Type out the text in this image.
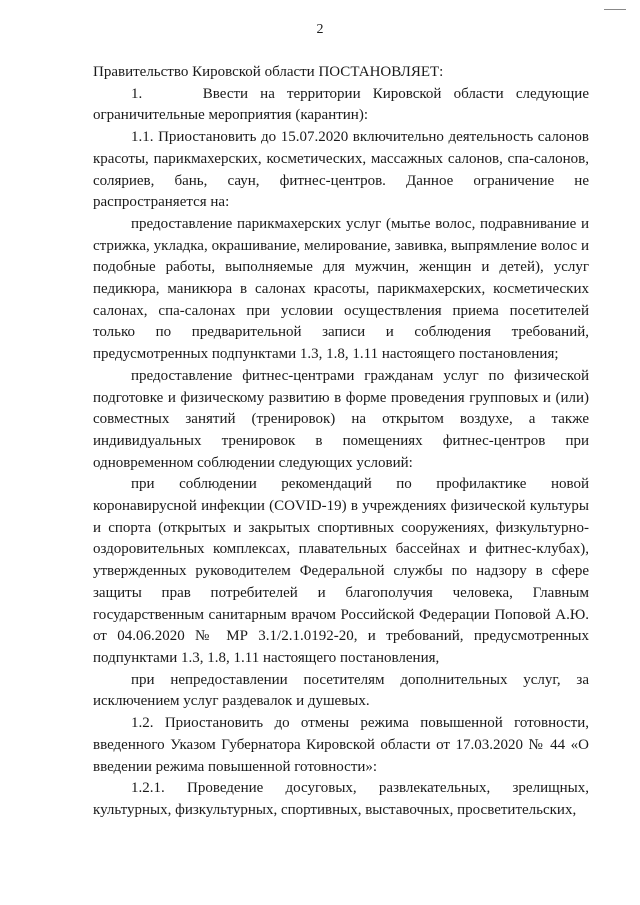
2

Правительство Кировской области ПОСТАНОВЛЯЕТ:

1.     Ввести на территории Кировской области следующие ограничительные мероприятия (карантин):

1.1. Приостановить до 15.07.2020 включительно деятельность салонов красоты, парикмахерских, косметических, массажных салонов, спа-салонов, соляриев, бань, саун, фитнес-центров. Данное ограничение не распространяется на:

предоставление парикмахерских услуг (мытье волос, подравнивание и стрижка, укладка, окрашивание, мелирование, завивка, выпрямление волос и подобные работы, выполняемые для мужчин, женщин и детей), услуг педикюра, маникюра в салонах красоты, парикмахерских, косметических салонах, спа-салонах при условии осуществления приема посетителей только по предварительной записи и соблюдения требований, предусмотренных подпунктами 1.3, 1.8, 1.11 настоящего постановления;

предоставление фитнес-центрами гражданам услуг по физической подготовке и физическому развитию в форме проведения групповых и (или) совместных занятий (тренировок) на открытом воздухе, а также индивидуальных тренировок в помещениях фитнес-центров при одновременном соблюдении следующих условий:

при соблюдении рекомендаций по профилактике новой коронавирусной инфекции (COVID-19) в учреждениях физической культуры и спорта (открытых и закрытых спортивных сооружениях, физкультурно-оздоровительных комплексах, плавательных бассейнах и фитнес-клубах), утвержденных руководителем Федеральной службы по надзору в сфере защиты прав потребителей и благополучия человека, Главным государственным санитарным врачом Российской Федерации Поповой А.Ю. от 04.06.2020 № МР 3.1/2.1.0192-20, и требований, предусмотренных подпунктами 1.3, 1.8, 1.11 настоящего постановления,

при непредоставлении посетителям дополнительных услуг, за исключением услуг раздевалок и душевых.

1.2. Приостановить до отмены режима повышенной готовности, введенного Указом Губернатора Кировской области от 17.03.2020 № 44 «О введении режима повышенной готовности»:

1.2.1. Проведение досуговых, развлекательных, зрелищных, культурных, физкультурных, спортивных, выставочных, просветительских,
